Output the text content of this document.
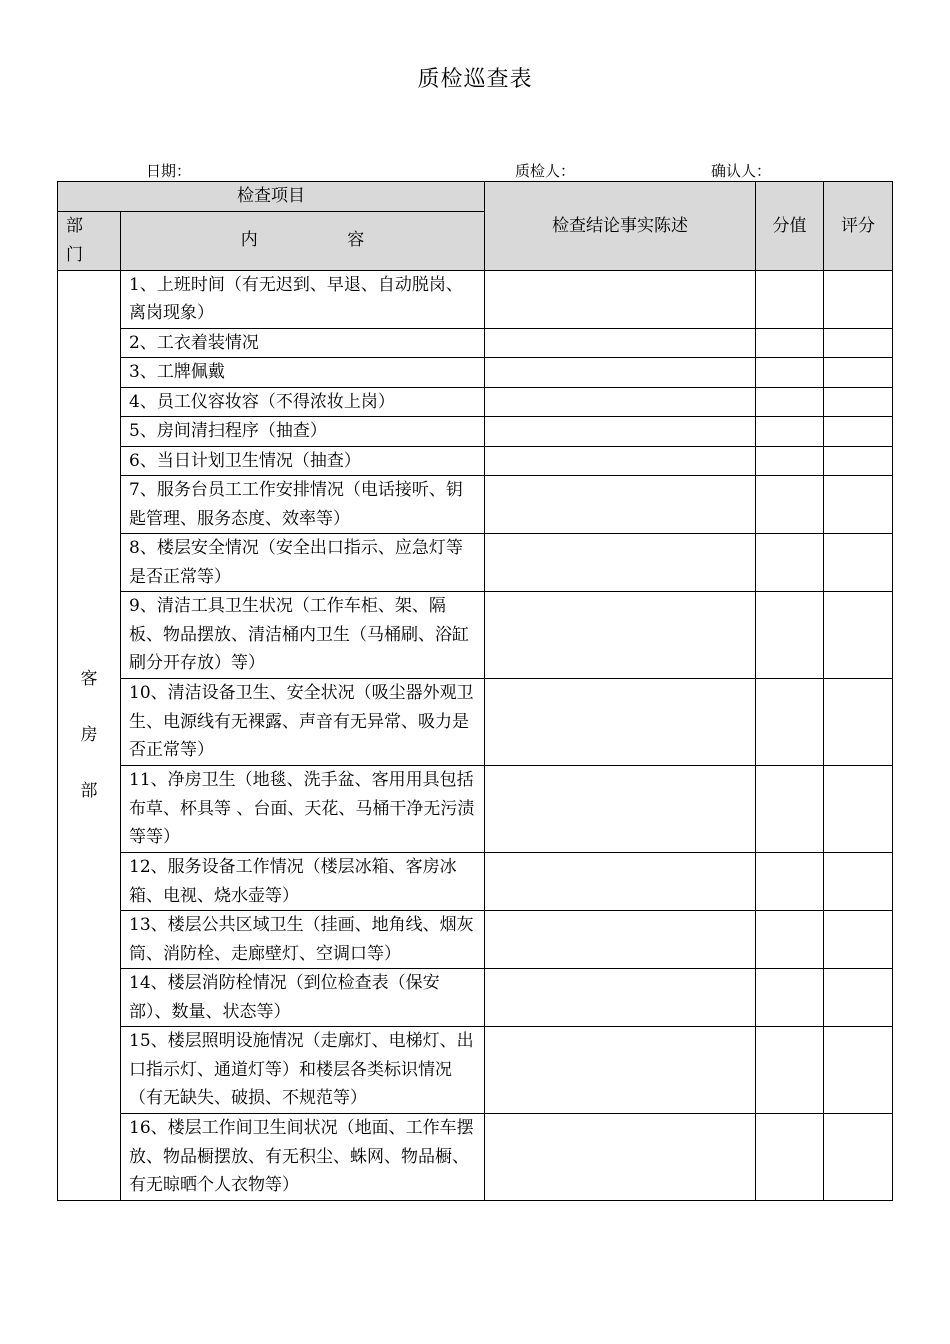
质检巡查表
日期：	质检人：	确认人：
检查项目		检查结论事实陈述	分值	评分

部
门	内 容			

客
房
部	1、上班时间（有无迟到、早退、自动脱岗、离岗现象）			
	2、工衣着装情况			
	3、工牌佩戴			
	4、员工仪容妆容（不得浓妆上岗）			
	5、房间清扫程序（抽查）			
	6、当日计划卫生情况（抽查）			
	7、服务台员工工作安排情况（电话接听、钥匙管理、服务态度、效率等）			
	8、楼层安全情况（安全出口指示、应急灯等是否正常等）			
	9、清洁工具卫生状况（工作车柜、架、隔板、物品摆放、清洁桶内卫生（马桶刷、浴缸刷分开存放）等）			
	10、清洁设备卫生、安全状况（吸尘器外观卫生、电源线有无裸露、声音有无异常、吸力是否正常等）			
	11、净房卫生（地毯、洗手盆、客用用具包括布草、杯具等 、台面、天花、马桶干净无污渍等等）			
	12、服务设备工作情况（楼层冰箱、客房冰箱、电视、烧水壶等）			
	13、楼层公共区域卫生（挂画、地角线、烟灰筒、消防栓、走廊壁灯、空调口等）			
	14、楼层消防栓情况（到位检查表（保安部）、数量、状态等）			
	15、楼层照明设施情况（走廓灯、电梯灯、出口指示灯、通道灯等）和楼层各类标识情况（有无缺失、破损、不规范等）			
	16、楼层工作间卫生间状况（地面、工作车摆放、物品橱摆放、有无积尘、蛛网、物品橱、有无晾晒个人衣物等）			
